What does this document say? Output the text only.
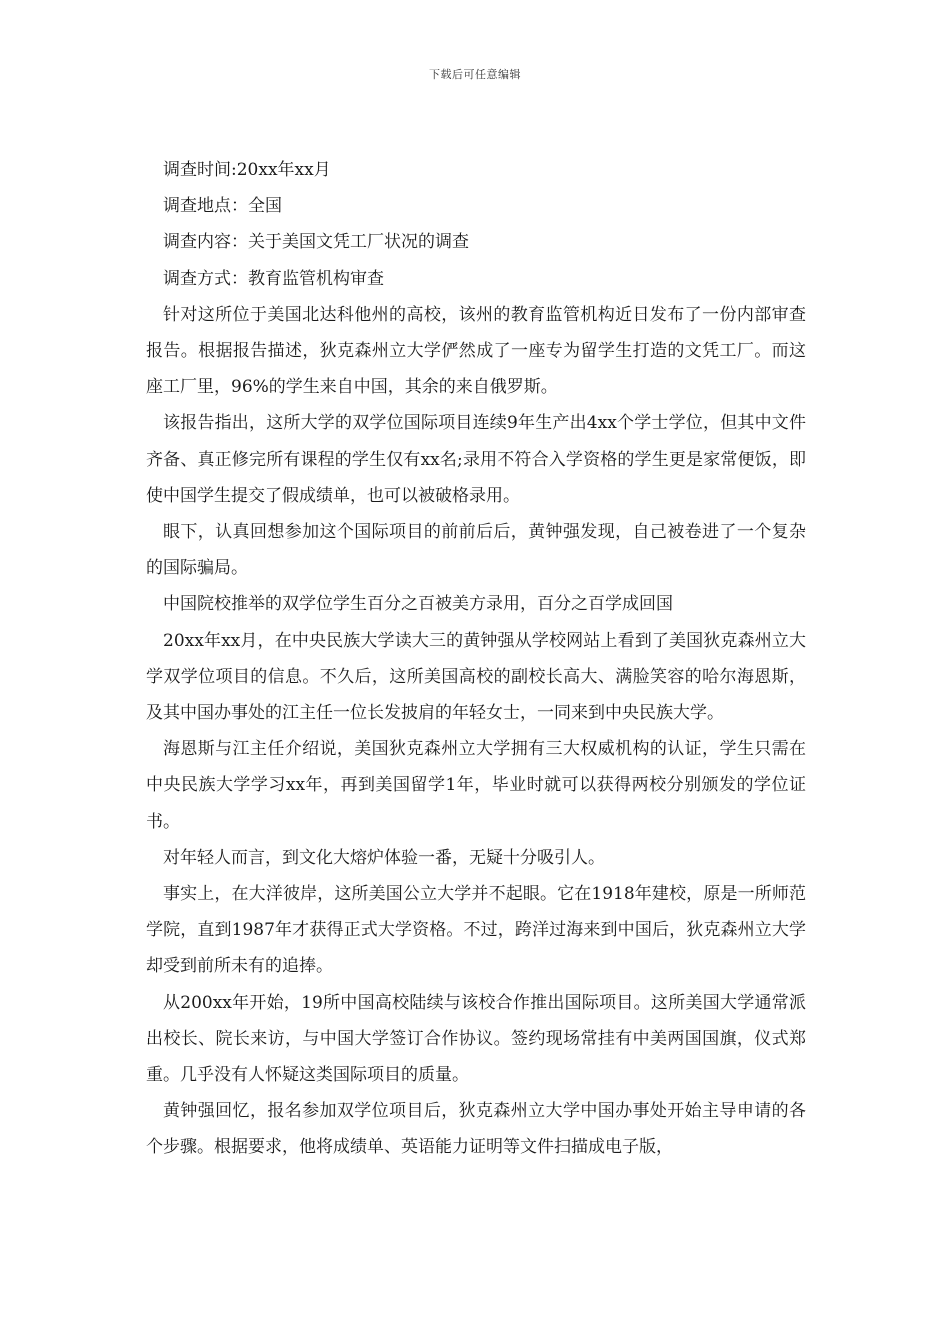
下载后可任意编辑

调查时间:20xx年xx月

调查地点：全国

调查内容：关于美国文凭工厂状况的调查

调查方式：教育监管机构审查

针对这所位于美国北达科他州的高校，该州的教育监管机构近日发布了一份内部审查报告。根据报告描述，狄克森州立大学俨然成了一座专为留学生打造的文凭工厂。而这座工厂里，96%的学生来自中国，其余的来自俄罗斯。

该报告指出，这所大学的双学位国际项目连续9年生产出4xx个学士学位，但其中文件齐备、真正修完所有课程的学生仅有xx名;录用不符合入学资格的学生更是家常便饭，即使中国学生提交了假成绩单，也可以被破格录用。

眼下，认真回想参加这个国际项目的前前后后，黄钟强发现，自己被卷进了一个复杂的国际骗局。

中国院校推举的双学位学生百分之百被美方录用，百分之百学成回国

20xx年xx月，在中央民族大学读大三的黄钟强从学校网站上看到了美国狄克森州立大学双学位项目的信息。不久后，这所美国高校的副校长高大、满脸笑容的哈尔海恩斯，及其中国办事处的江主任一位长发披肩的年轻女士，一同来到中央民族大学。

海恩斯与江主任介绍说，美国狄克森州立大学拥有三大权威机构的认证，学生只需在中央民族大学学习xx年，再到美国留学1年，毕业时就可以获得两校分别颁发的学位证书。

对年轻人而言，到文化大熔炉体验一番，无疑十分吸引人。

事实上，在大洋彼岸，这所美国公立大学并不起眼。它在1918年建校，原是一所师范学院，直到1987年才获得正式大学资格。不过，跨洋过海来到中国后，狄克森州立大学却受到前所未有的追捧。

从200xx年开始，19所中国高校陆续与该校合作推出国际项目。这所美国大学通常派出校长、院长来访，与中国大学签订合作协议。签约现场常挂有中美两国国旗，仪式郑重。几乎没有人怀疑这类国际项目的质量。

黄钟强回忆，报名参加双学位项目后，狄克森州立大学中国办事处开始主导申请的各个步骤。根据要求，他将成绩单、英语能力证明等文件扫描成电子版，
